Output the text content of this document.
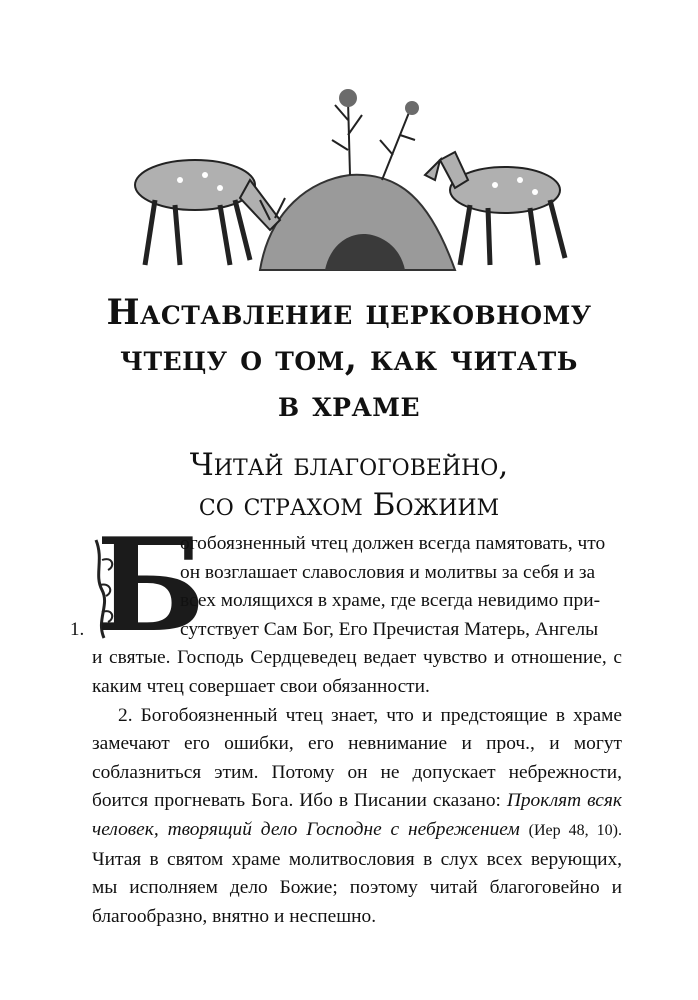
Наставление церковному
чтецу о том, как читать
в храме
Читай благоговейно,
со страхом Божиим
Б
1.

огобоязненный чтец должен всегда памятовать, что
он возглашает славословия и молитвы за себя и за
всех молящихся в храме, где всегда невидимо при-
сутствует Сам Бог, Его Пречистая Матерь, Ангелы
и святые. Господь Сердцеведец ведает чувство и отношение, с каким чтец совершает свои обязанности.

2. Богобоязненный чтец знает, что и предстоящие в храме замечают его ошибки, его невнимание и проч., и могут соблазниться этим. Потому он не допускает небрежности, боится прогневать Бога. Ибо в Писании сказано: Проклят всяк человек, творящий дело Господне с небрежением (Иер 48, 10). Читая в святом храме молитвословия в слух всех верующих, мы исполняем дело Божие; поэтому читай благоговейно и благообразно, внятно и неспешно.
